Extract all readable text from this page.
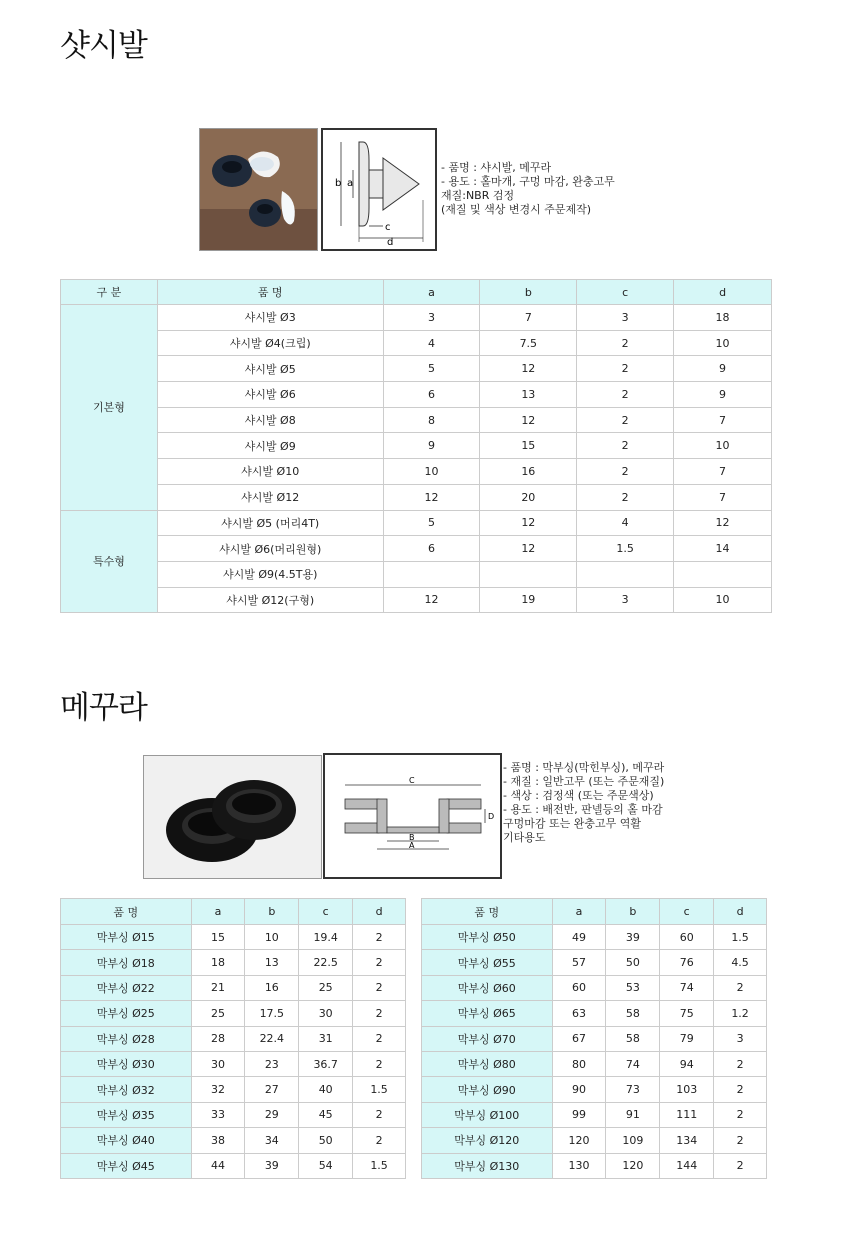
샷시발
b a
c
d
- 품명 : 샤시발, 메꾸라
- 용도 : 홀마개, 구멍 마감, 완충고무
재질:NBR 검정
(재질 및 색상 변경시 주문제작)
구 분	품 명	a	b	c	d
기본형	샤시발 Ø3	3	7	3	18
	샤시발 Ø4(크립)	4	7.5	2	10
	샤시발 Ø5	5	12	2	9
	샤시발 Ø6	6	13	2	9
	샤시발 Ø8	8	12	2	7
	샤시발 Ø9	9	15	2	10
	샤시발 Ø10	10	16	2	7
	샤시발 Ø12	12	20	2	7
특수형	샤시발 Ø5 (머리4T)	5	12	4	12
	샤시발 Ø6(머리원형)	6	12	1.5	14
	샤시발 Ø9(4.5T용)				
	샤시발 Ø12(구형)	12	19	3	10
메꾸라
C
B
A
D
- 품명 : 막부싱(막힌부싱), 메꾸라
- 재질 : 일반고무 (또는 주문재질)
- 색상 : 검정색 (또는 주문색상)
- 용도 : 배전반, 판넬등의 홀 마감
구멍마감 또는 완충고무 역활
기타용도
품 명	a	b	c	d
막부싱 Ø15	15	10	19.4	2
막부싱 Ø18	18	13	22.5	2
막부싱 Ø22	21	16	25	2
막부싱 Ø25	25	17.5	30	2
막부싱 Ø28	28	22.4	31	2
막부싱 Ø30	30	23	36.7	2
막부싱 Ø32	32	27	40	1.5
막부싱 Ø35	33	29	45	2
막부싱 Ø40	38	34	50	2
막부싱 Ø45	44	39	54	1.5
품 명	a	b	c	d
막부싱 Ø50	49	39	60	1.5
막부싱 Ø55	57	50	76	4.5
막부싱 Ø60	60	53	74	2
막부싱 Ø65	63	58	75	1.2
막부싱 Ø70	67	58	79	3
막부싱 Ø80	80	74	94	2
막부싱 Ø90	90	73	103	2
막부싱 Ø100	99	91	111	2
막부싱 Ø120	120	109	134	2
막부싱 Ø130	130	120	144	2
